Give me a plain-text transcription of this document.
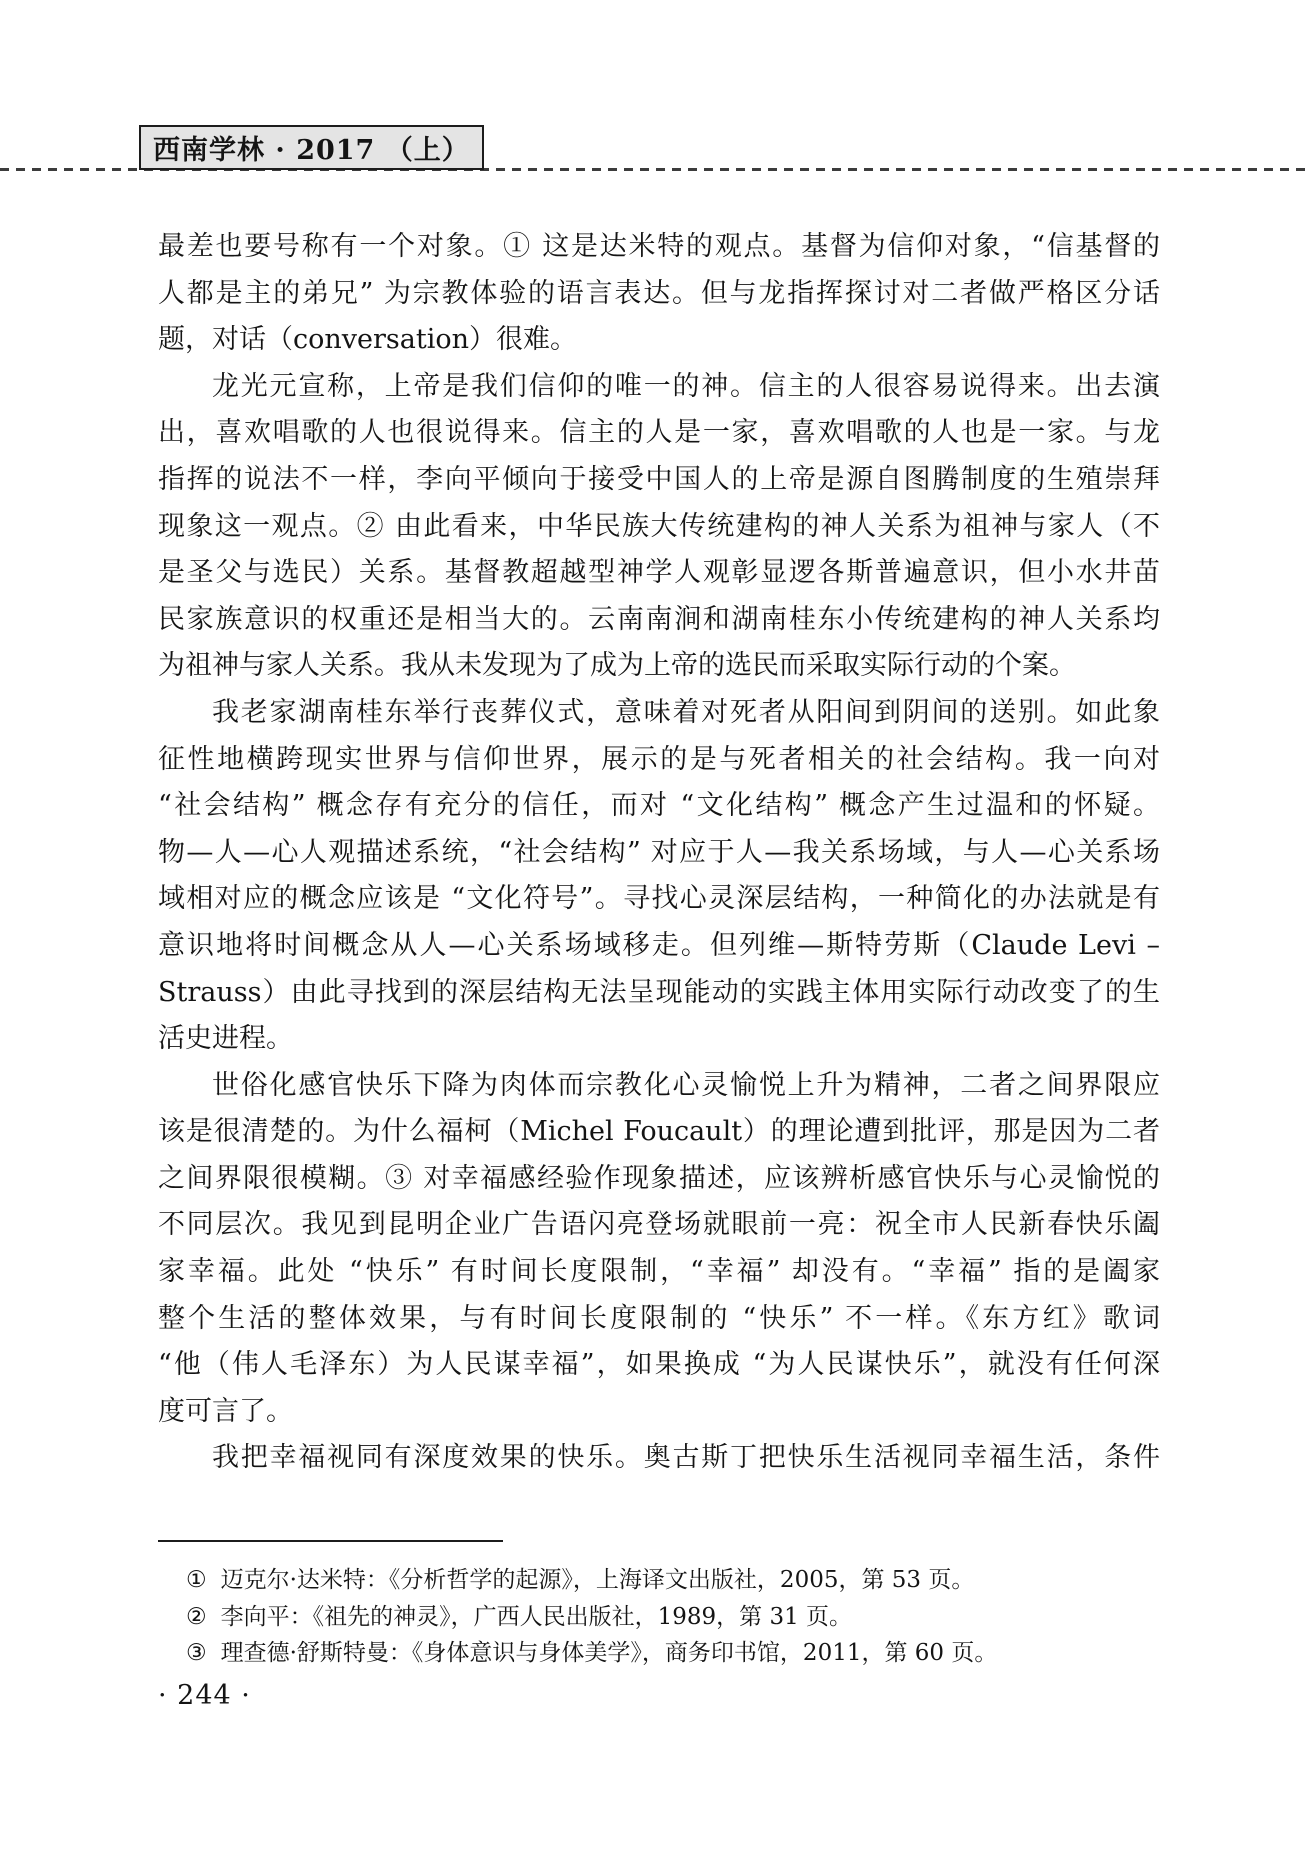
西南学林 · 2017 （上）
最差也要号称有一个对象。① 这是达米特的观点。基督为信仰对象，“信基督的
人都是主的弟兄” 为宗教体验的语言表达。但与龙指挥探讨对二者做严格区分话
题，对话（conversation）很难。
龙光元宣称，上帝是我们信仰的唯一的神。信主的人很容易说得来。出去演
出，喜欢唱歌的人也很说得来。信主的人是一家，喜欢唱歌的人也是一家。与龙
指挥的说法不一样，李向平倾向于接受中国人的上帝是源自图腾制度的生殖崇拜
现象这一观点。② 由此看来，中华民族大传统建构的神人关系为祖神与家人（不
是圣父与选民）关系。基督教超越型神学人观彰显逻各斯普遍意识，但小水井苗
民家族意识的权重还是相当大的。云南南涧和湖南桂东小传统建构的神人关系均
为祖神与家人关系。我从未发现为了成为上帝的选民而采取实际行动的个案。
我老家湖南桂东举行丧葬仪式，意味着对死者从阳间到阴间的送别。如此象
征性地横跨现实世界与信仰世界，展示的是与死者相关的社会结构。我一向对
“社会结构” 概念存有充分的信任，而对 “文化结构” 概念产生过温和的怀疑。
物—人—心人观描述系统，“社会结构” 对应于人—我关系场域，与人—心关系场
域相对应的概念应该是 “文化符号”。寻找心灵深层结构，一种简化的办法就是有
意识地将时间概念从人—心关系场域移走。但列维—斯特劳斯（Claude Levi –
Strauss）由此寻找到的深层结构无法呈现能动的实践主体用实际行动改变了的生
活史进程。
世俗化感官快乐下降为肉体而宗教化心灵愉悦上升为精神，二者之间界限应
该是很清楚的。为什么福柯（Michel Foucault）的理论遭到批评，那是因为二者
之间界限很模糊。③ 对幸福感经验作现象描述，应该辨析感官快乐与心灵愉悦的
不同层次。我见到昆明企业广告语闪亮登场就眼前一亮：祝全市人民新春快乐阖
家幸福。此处 “快乐” 有时间长度限制，“幸福” 却没有。“幸福” 指的是阖家
整个生活的整体效果，与有时间长度限制的 “快乐” 不一样。《东方红》歌词
“他（伟人毛泽东）为人民谋幸福”，如果换成 “为人民谋快乐”，就没有任何深
度可言了。
我把幸福视同有深度效果的快乐。奥古斯丁把快乐生活视同幸福生活，条件
① 迈克尔·达米特：《分析哲学的起源》，上海译文出版社，2005，第 53 页。
② 李向平：《祖先的神灵》，广西人民出版社，1989，第 31 页。
③ 理查德·舒斯特曼：《身体意识与身体美学》，商务印书馆，2011，第 60 页。
· 244 ·
